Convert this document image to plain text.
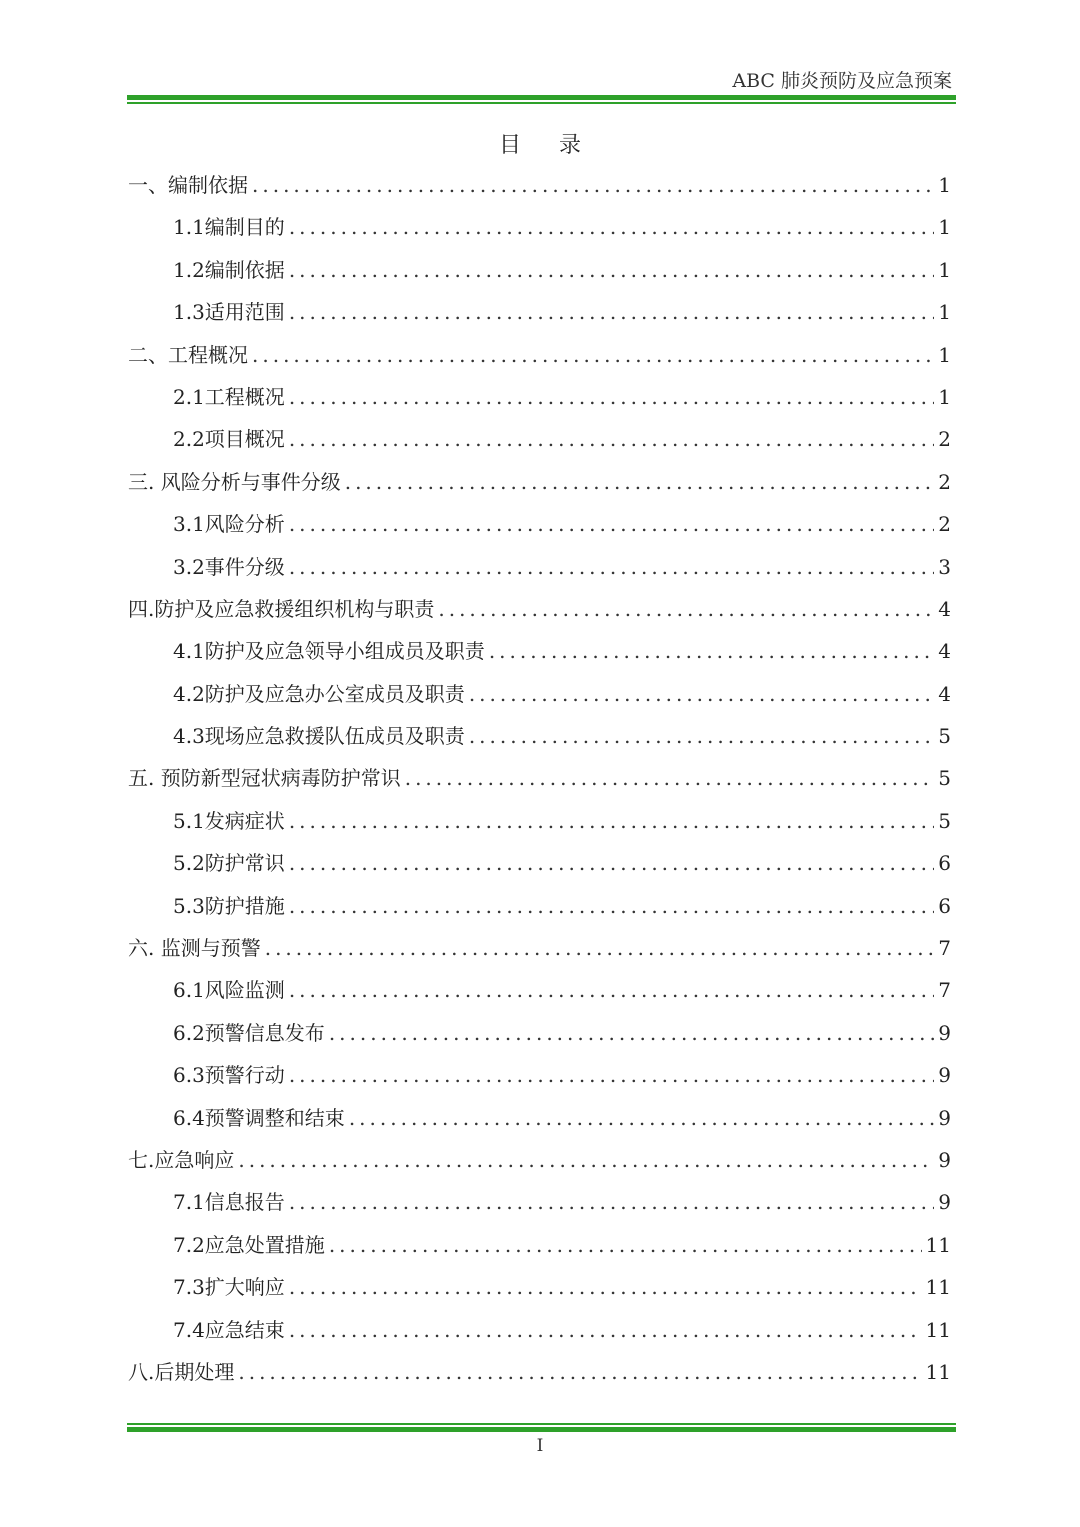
ABC 肺炎预防及应急预案
目录
一、编制依据 .....	1
1.1编制目的 .....	1
1.2编制依据 .....	1
1.3适用范围 .....	1
二、工程概况 .....	1
2.1工程概况 .....	1
2.2项目概况 .....	2
三. 风险分析与事件分级 .....	2
3.1风险分析 .....	2
3.2事件分级 .....	3
四.防护及应急救援组织机构与职责 .....	4
4.1防护及应急领导小组成员及职责 .....	4
4.2防护及应急办公室成员及职责 .....	4
4.3现场应急救援队伍成员及职责 .....	5
五. 预防新型冠状病毒防护常识 .....	5
5.1发病症状 .....	5
5.2防护常识 .....	6
5.3防护措施 .....	6
六. 监测与预警 .....	7
6.1风险监测 .....	7
6.2预警信息发布 .....	9
6.3预警行动 .....	9
6.4预警调整和结束 .....	9
七.应急响应 .....	9
7.1信息报告 .....	9
7.2应急处置措施 .....	11
7.3扩大响应 .....	11
7.4应急结束 .....	11
八.后期处理 .....	11
I
